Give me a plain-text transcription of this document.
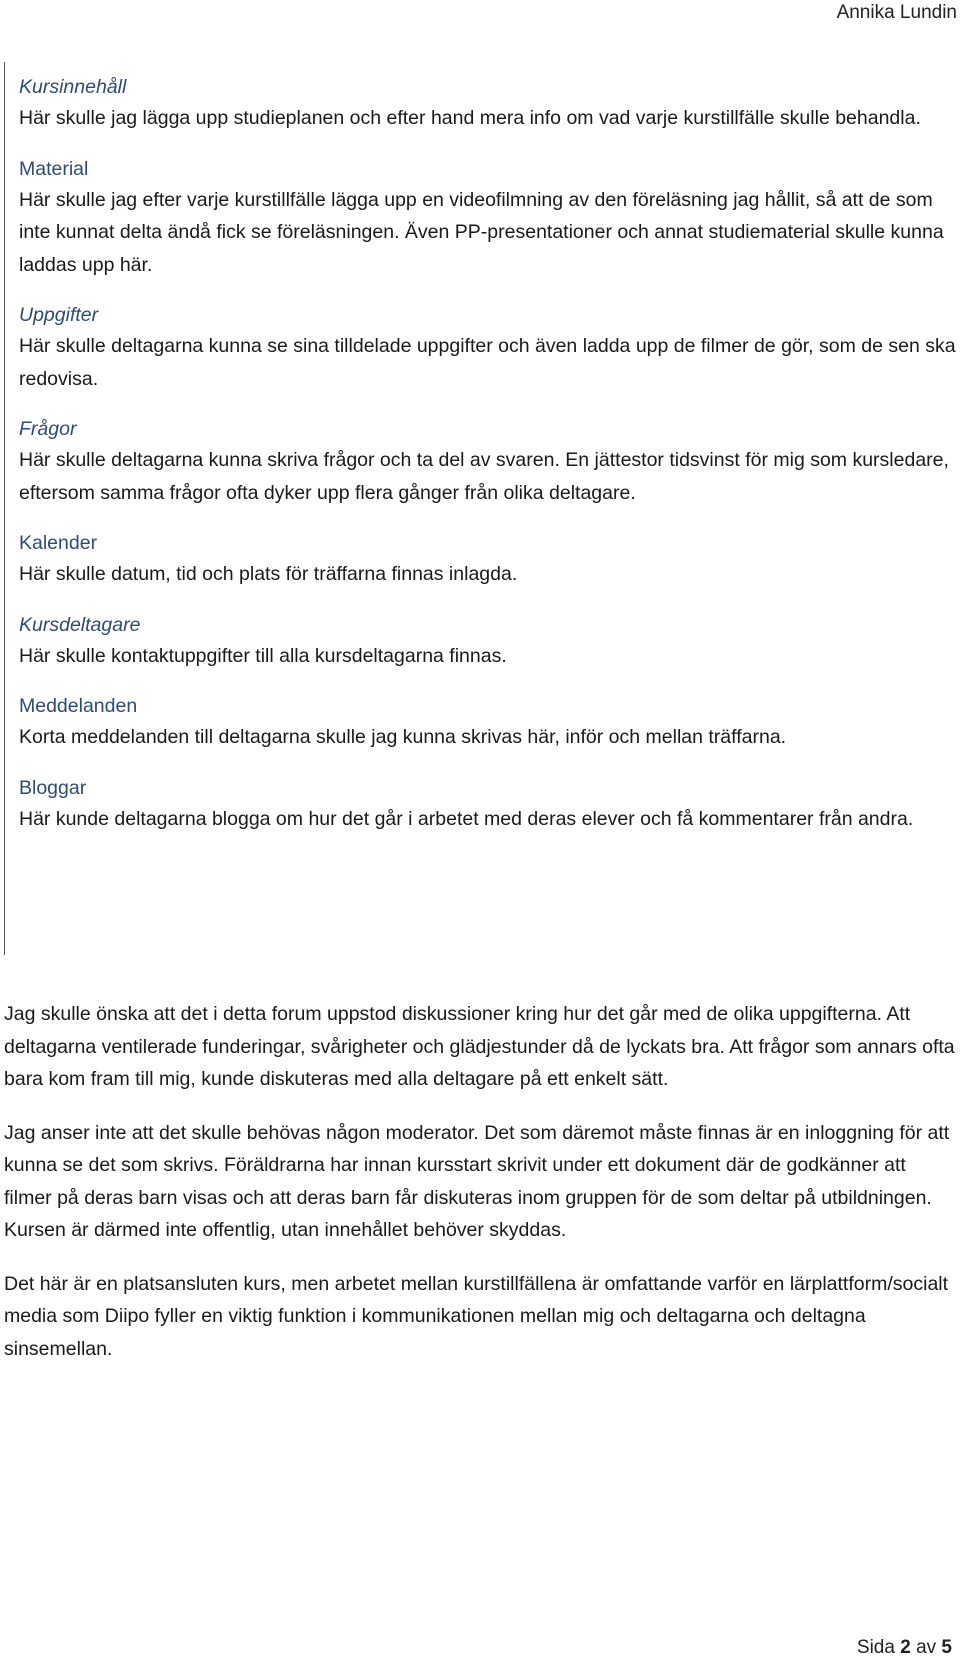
Annika Lundin

Kursinnehåll

Här skulle jag lägga upp studieplanen och efter hand mera info om vad varje kurstillfälle skulle behandla.

Material

Här skulle jag efter varje kurstillfälle lägga upp en videofilmning av den föreläsning jag hållit, så att de som inte kunnat delta ändå fick se föreläsningen. Även PP-presentationer och annat studiematerial skulle kunna laddas upp här.

Uppgifter

Här skulle deltagarna kunna se sina tilldelade uppgifter och även ladda upp de filmer de gör, som de sen ska redovisa.

Frågor

Här skulle deltagarna kunna skriva frågor och ta del av svaren. En jättestor tidsvinst för mig som kursledare, eftersom samma frågor ofta dyker upp flera gånger från olika deltagare.

Kalender

Här skulle datum, tid och plats för träffarna finnas inlagda.

Kursdeltagare

Här skulle kontaktuppgifter till alla kursdeltagarna finnas.

Meddelanden

Korta meddelanden till deltagarna skulle jag kunna skrivas här, inför och mellan träffarna.

Bloggar

Här kunde deltagarna blogga om hur det går i arbetet med deras elever och få kommentarer från andra.

Jag skulle önska att det i detta forum uppstod diskussioner kring hur det går med de olika uppgifterna. Att deltagarna ventilerade funderingar, svårigheter och glädjestunder då de lyckats bra. Att frågor som annars ofta bara kom fram till mig, kunde diskuteras med alla deltagare på ett enkelt sätt.

Jag anser inte att det skulle behövas någon moderator. Det som däremot måste finnas är en inloggning för att kunna se det som skrivs. Föräldrarna har innan kursstart skrivit under ett dokument där de godkänner att filmer på deras barn visas och att deras barn får diskuteras inom gruppen för de som deltar på utbildningen. Kursen är därmed inte offentlig, utan innehållet behöver skyddas.

Det här är en platsansluten kurs, men arbetet mellan kurstillfällena är omfattande varför en lärplattform/socialt media som Diipo fyller en viktig funktion i kommunikationen mellan mig och deltagarna och deltagna sinsemellan.

Sida 2 av 5
